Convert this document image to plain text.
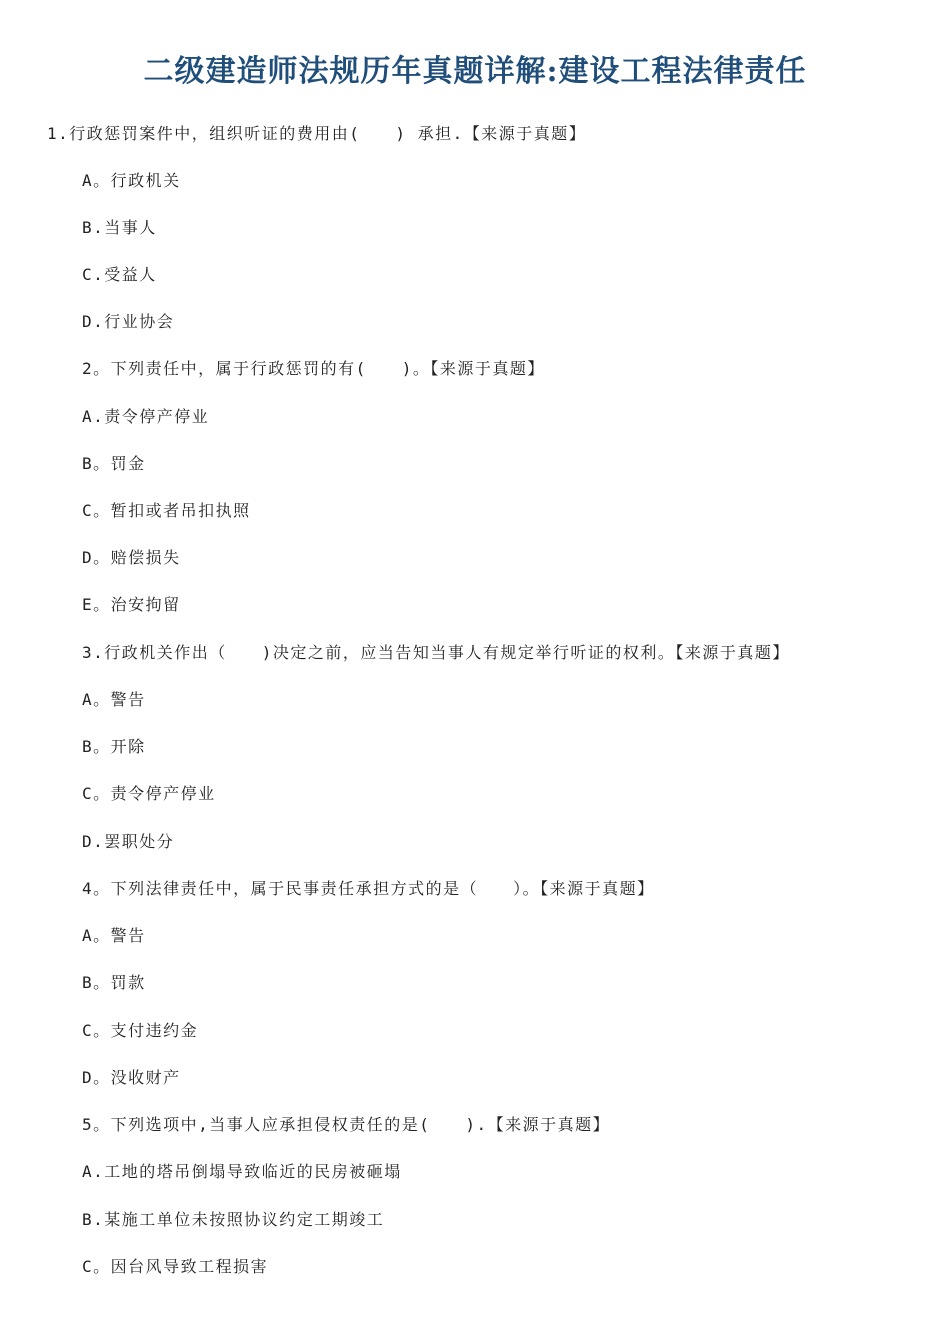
二级建造师法规历年真题详解:建设工程法律责任
1.行政惩罚案件中，组织听证的费用由(　　) 承担.【来源于真题】
A。行政机关
B.当事人
C.受益人
D.行业协会
2。下列责任中，属于行政惩罚的有(　　)。【来源于真题】
A.责令停产停业
B。罚金
C。暂扣或者吊扣执照
D。赔偿损失
E。治安拘留
3.行政机关作出（　　)决定之前，应当告知当事人有规定举行听证的权利。【来源于真题】
A。警告
B。开除
C。责令停产停业
D.罢职处分
4。下列法律责任中，属于民事责任承担方式的是（　　）。【来源于真题】
A。警告
B。罚款
C。支付违约金
D。没收财产
5。下列选项中,当事人应承担侵权责任的是(　　).【来源于真题】
A.工地的塔吊倒塌导致临近的民房被砸塌
B.某施工单位未按照协议约定工期竣工
C。因台风导致工程损害
